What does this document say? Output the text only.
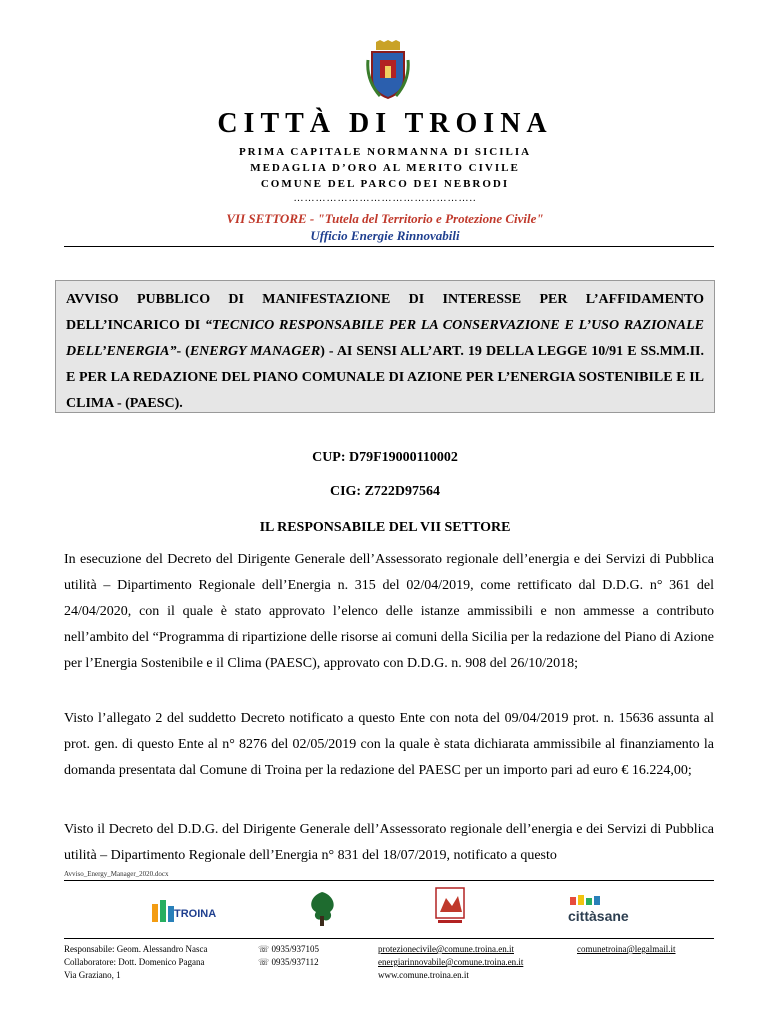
CITTÀ DI TROINA
PRIMA CAPITALE NORMANNA DI SICILIA
MEDAGLIA D’ORO AL MERITO CIVILE
COMUNE DEL PARCO DEI NEBRODI
…………………………………………..
VII SETTORE - "Tutela del Territorio e Protezione Civile"
Ufficio Energie Rinnovabili
AVVISO PUBBLICO DI MANIFESTAZIONE DI INTERESSE PER L’AFFIDAMENTO DELL’INCARICO DI “TECNICO RESPONSABILE PER LA CONSERVAZIONE E L’USO RAZIONALE DELL’ENERGIA”- (ENERGY MANAGER) - AI SENSI ALL’ART. 19 DELLA LEGGE 10/91 E SS.MM.II. E PER LA REDAZIONE DEL PIANO COMUNALE DI AZIONE PER L’ENERGIA SOSTENIBILE E IL CLIMA - (PAESC).
CUP: D79F19000110002
CIG: Z722D97564
IL RESPONSABILE DEL VII SETTORE
In esecuzione del Decreto del Dirigente Generale dell’Assessorato regionale dell’energia e dei Servizi di Pubblica utilità – Dipartimento Regionale dell’Energia n. 315 del 02/04/2019, come rettificato dal D.D.G. n° 361 del 24/04/2020, con il quale è stato approvato l’elenco delle istanze ammissibili e non ammesse a contributo nell’ambito del “Programma di ripartizione delle risorse ai comuni della Sicilia per la redazione del Piano di Azione per l’Energia Sostenibile e il Clima (PAESC), approvato con D.D.G. n. 908 del 26/10/2018;
Visto l’allegato 2 del suddetto Decreto notificato a questo Ente con nota del 09/04/2019 prot. n. 15636 assunta al prot. gen. di questo Ente al n° 8276 del 02/05/2019 con la quale è stata dichiarata ammissibile al finanziamento la domanda presentata dal Comune di Troina per la redazione del PAESC per un importo pari ad euro € 16.224,00;
Visto il Decreto del D.D.G. del Dirigente Generale dell’Assessorato regionale dell’energia e dei Servizi di Pubblica utilità – Dipartimento Regionale dell’Energia n° 831 del 18/07/2019, notificato a questo
Avviso_Energy_Manager_2020.docx
TROINA	cittàsane
Responsabile: Geom. Alessandro Nasca
Collaboratore: Dott. Domenico Pagana
Via Graziano, 1
☏ 0935/937105
☏ 0935/937112
protezionecivile@comune.troina.en.it
energiarinnovabile@comune.troina.en.it
www.comune.troina.en.it
comunetroina@legalmail.it
